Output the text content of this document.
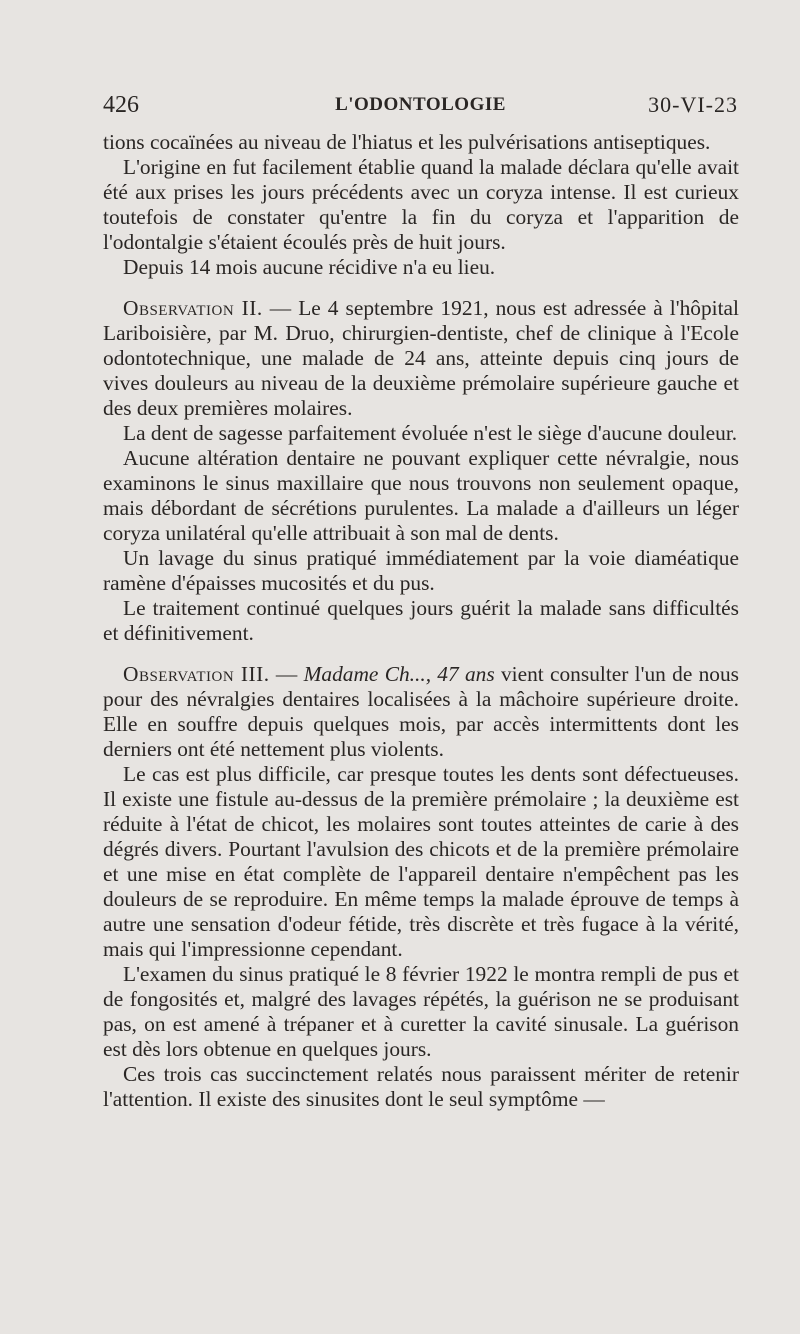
426	L'ODONTOLOGIE	30-VI-23

tions cocaïnées au niveau de l'hiatus et les pulvérisations antiseptiques.

L'origine en fut facilement établie quand la malade déclara qu'elle avait été aux prises les jours précédents avec un coryza intense. Il est curieux toutefois de constater qu'entre la fin du coryza et l'apparition de l'odontalgie s'étaient écoulés près de huit jours.

Depuis 14 mois aucune récidive n'a eu lieu.

Observation II. — Le 4 septembre 1921, nous est adressée à l'hôpital Lariboisière, par M. Druo, chirurgien-dentiste, chef de clinique à l'Ecole odontotechnique, une malade de 24 ans, atteinte depuis cinq jours de vives douleurs au niveau de la deuxième prémolaire supérieure gauche et des deux premières molaires.

La dent de sagesse parfaitement évoluée n'est le siège d'aucune douleur.

Aucune altération dentaire ne pouvant expliquer cette névralgie, nous examinons le sinus maxillaire que nous trouvons non seulement opaque, mais débordant de sécrétions purulentes. La malade a d'ailleurs un léger coryza unilatéral qu'elle attribuait à son mal de dents.

Un lavage du sinus pratiqué immédiatement par la voie diaméatique ramène d'épaisses mucosités et du pus.

Le traitement continué quelques jours guérit la malade sans difficultés et définitivement.

Observation III. — Madame Ch..., 47 ans vient consulter l'un de nous pour des névralgies dentaires localisées à la mâchoire supérieure droite. Elle en souffre depuis quelques mois, par accès intermittents dont les derniers ont été nettement plus violents.

Le cas est plus difficile, car presque toutes les dents sont défectueuses. Il existe une fistule au-dessus de la première prémolaire ; la deuxième est réduite à l'état de chicot, les molaires sont toutes atteintes de carie à des dégrés divers. Pourtant l'avulsion des chicots et de la première prémolaire et une mise en état complète de l'appareil dentaire n'empêchent pas les douleurs de se reproduire. En même temps la malade éprouve de temps à autre une sensation d'odeur fétide, très discrète et très fugace à la vérité, mais qui l'impressionne cependant.

L'examen du sinus pratiqué le 8 février 1922 le montra rempli de pus et de fongosités et, malgré des lavages répétés, la guérison ne se produisant pas, on est amené à trépaner et à curetter la cavité sinusale. La guérison est dès lors obtenue en quelques jours.

Ces trois cas succinctement relatés nous paraissent mériter de retenir l'attention. Il existe des sinusites dont le seul symptôme —
